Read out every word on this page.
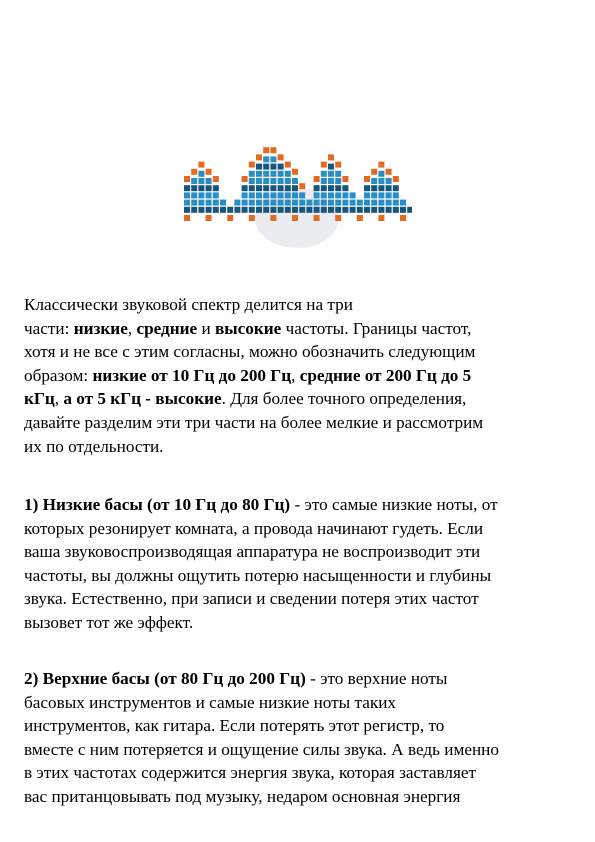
Классически звуковой спектр делится на три
части: низкие, средние и высокие частоты. Границы частот,
хотя и не все с этим согласны, можно обозначить следующим
образом: низкие от 10 Гц до 200 Гц, средние от 200 Гц до 5
кГц, а от 5 кГц - высокие. Для более точного определения,
давайте разделим эти три части на более мелкие и рассмотрим
их по отдельности.
1) Низкие басы (от 10 Гц до 80 Гц) - это самые низкие ноты, от
которых резонирует комната, а провода начинают гудеть. Если
ваша звуковоспроизводящая аппаратура не воспроизводит эти
частоты, вы должны ощутить потерю насыщенности и глубины
звука. Естественно, при записи и сведении потеря этих частот
вызовет тот же эффект.
2) Верхние басы (от 80 Гц до 200 Гц) - это верхние ноты
басовых инструментов и самые низкие ноты таких
инструментов, как гитара. Если потерять этот регистр, то
вместе с ним потеряется и ощущение силы звука. А ведь именно
в этих частотах содержится энергия звука, которая заставляет
вас пританцовывать под музыку, недаром основная энергия
